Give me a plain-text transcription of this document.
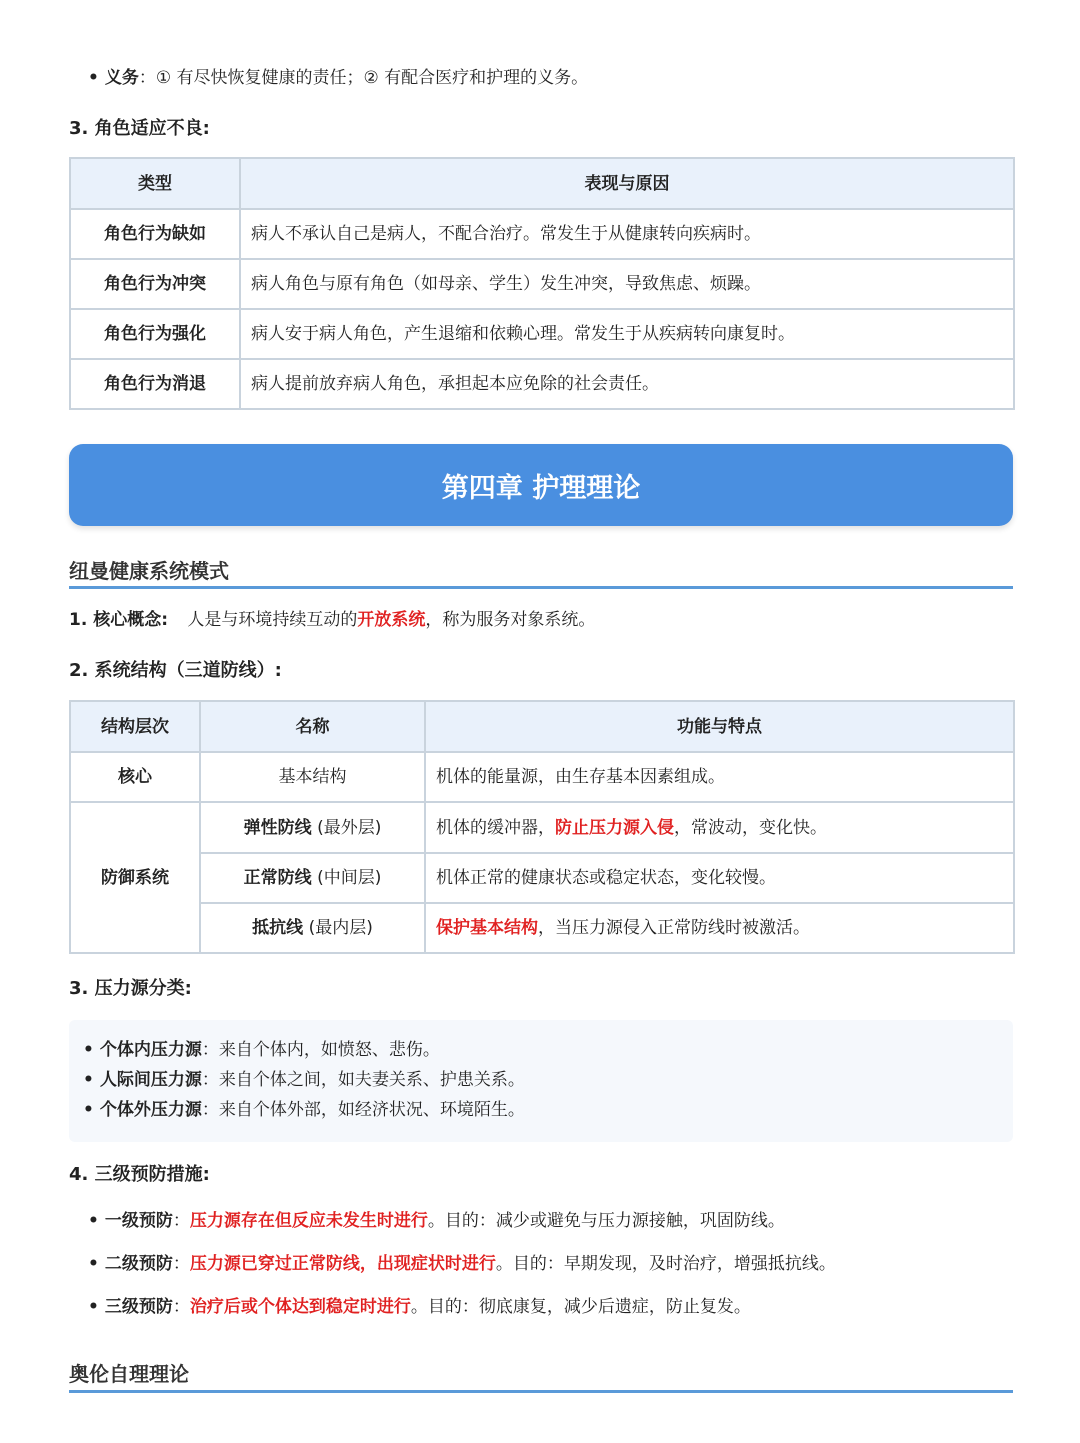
• 义务：① 有尽快恢复健康的责任；② 有配合医疗和护理的义务。
3. 角色适应不良:
类型	表现与原因
角色行为缺如	病人不承认自己是病人，不配合治疗。常发生于从健康转向疾病时。
角色行为冲突	病人角色与原有角色（如母亲、学生）发生冲突，导致焦虑、烦躁。
角色行为强化	病人安于病人角色，产生退缩和依赖心理。常发生于从疾病转向康复时。
角色行为消退	病人提前放弃病人角色，承担起本应免除的社会责任。
第四章 护理理论
纽曼健康系统模式
1. 核心概念: 人是与环境持续互动的开放系统，称为服务对象系统。
2. 系统结构（三道防线）:
结构层次	名称	功能与特点
核心	基本结构	机体的能量源，由生存基本因素组成。
防御系统	弹性防线 (最外层)	机体的缓冲器，防止压力源入侵，常波动，变化快。
	正常防线 (中间层)	机体正常的健康状态或稳定状态，变化较慢。
	抵抗线 (最内层)	保护基本结构，当压力源侵入正常防线时被激活。
3. 压力源分类:
• 个体内压力源：来自个体内，如愤怒、悲伤。
• 人际间压力源：来自个体之间，如夫妻关系、护患关系。
• 个体外压力源：来自个体外部，如经济状况、环境陌生。
4. 三级预防措施:
• 一级预防：压力源存在但反应未发生时进行。目的：减少或避免与压力源接触，巩固防线。
• 二级预防：压力源已穿过正常防线，出现症状时进行。目的：早期发现，及时治疗，增强抵抗线。
• 三级预防：治疗后或个体达到稳定时进行。目的：彻底康复，减少后遗症，防止复发。
奥伦自理理论
